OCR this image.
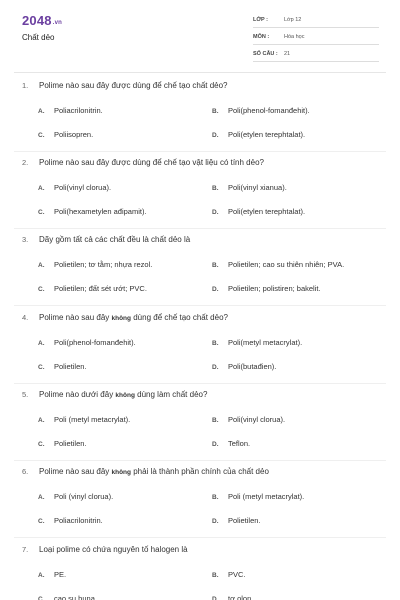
2048.vn
Chất dẻo
LỚP :	Lớp 12
MÔN :	Hóa học
SỐ CÂU : 21
1. Polime nào sau đây được dùng để chế tạo chất dẻo?
A. Poliacrilonitrin.	B. Poli(phenol-fomanđehit).
C. Poliisopren.	D. Poli(etylen terephtalat).
2. Polime nào sau đây được dùng để chế tạo vật liệu có tính dẻo?
A. Poli(vinyl clorua).	B. Poli(vinyl xianua).
C. Poli(hexametylen ađipamit).	D. Poli(etylen terephtalat).
3. Dãy gồm tất cả các chất đều là chất dẻo là
A. Polietilen; tơ tằm; nhựa rezol.	B. Polietilen; cao su thiên nhiên; PVA.
C. Polietilen; đất sét ướt; PVC.	D. Polietilen; polistiren; bakelit.
4. Polime nào sau đây không dùng để chế tạo chất dẻo?
A. Poli(phenol-fomanđehit).	B. Poli(metyl metacrylat).
C. Polietilen.	D. Poli(butađien).
5. Polime nào dưới đây không dùng làm chất dẻo?
A. Poli (metyl metacrylat).	B. Poli(vinyl clorua).
C. Polietilen.	D. Teflon.
6. Polime nào sau đây không phải là thành phần chính của chất dẻo
A. Poli (vinyl clorua).	B. Poli (metyl metacrylat).
C. Poliacrilonitrin.	D. Polietilen.
7. Loại polime có chứa nguyên tố halogen là
A. PE.	B. PVC.
C. cao su buna.	D. tơ olon.
